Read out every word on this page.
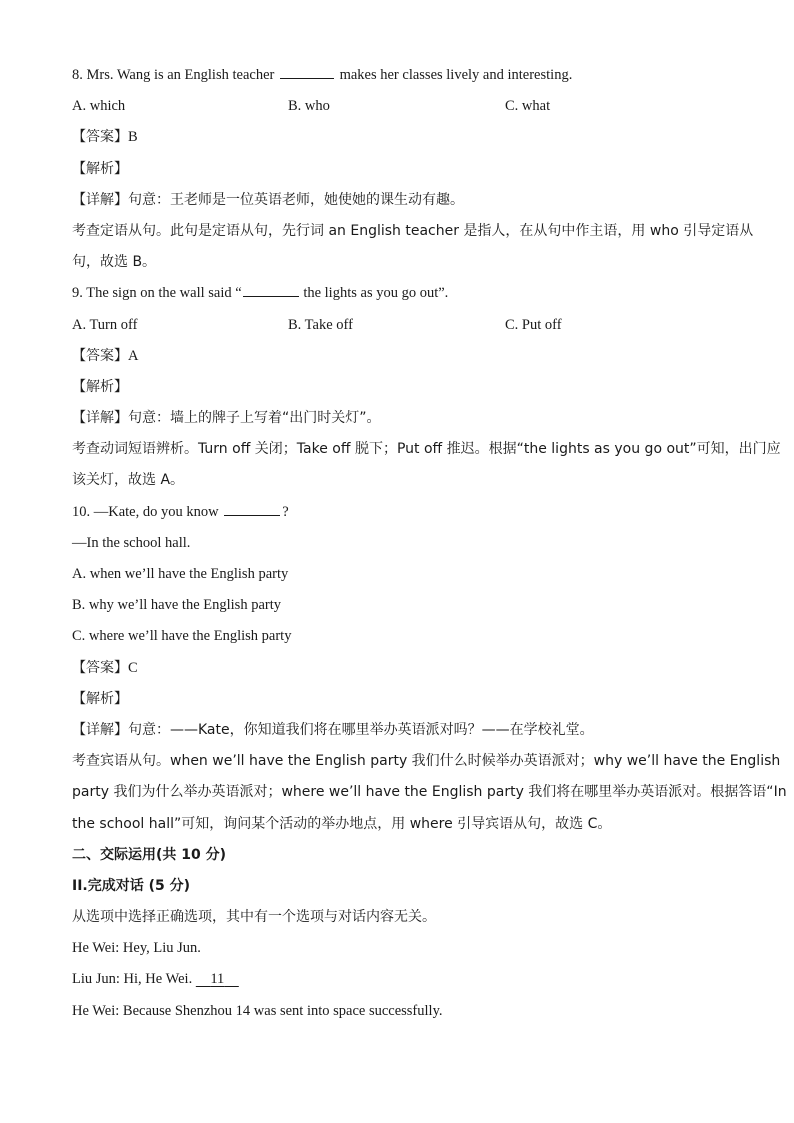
8. Mrs. Wang is an English teacher	makes her classes lively and interesting.
A. which	B. who	C. what
【答案】B
【解析】
【详解】句意：王老师是一位英语老师，她使她的课生动有趣。
考查定语从句。此句是定语从句，先行词 an English teacher 是指人，在从句中作主语，用 who 引导定语从
句，故选 B。
9. The sign on the wall said “	the lights as you go out”.
A. Turn off	B. Take off	C. Put off
【答案】A
【解析】
【详解】句意：墙上的牌子上写着“出门时关灯”。
考查动词短语辨析。Turn off 关闭；Take off 脱下；Put off 推迟。根据“the lights as you go out”可知，出门应
该关灯，故选 A。
10. —Kate, do you know	?
—In the school hall.
A. when we’ll have the English party
B. why we’ll have the English party
C. where we’ll have the English party
【答案】C
【解析】
【详解】句意：——Kate，你知道我们将在哪里举办英语派对吗？——在学校礼堂。
考查宾语从句。when we’ll have the English party 我们什么时候举办英语派对；why we’ll have the English
party 我们为什么举办英语派对；where we’ll have the English party 我们将在哪里举办英语派对。根据答语“In
the school hall”可知，询问某个活动的举办地点，用 where 引导宾语从句，故选 C。
二、交际运用(共 10 分)
II.完成对话 (5 分)
从选项中选择正确选项，其中有一个选项与对话内容无关。
He Wei: Hey, Liu Jun.
Liu Jun: Hi, He Wei. 11
He Wei: Because Shenzhou 14 was sent into space successfully.
